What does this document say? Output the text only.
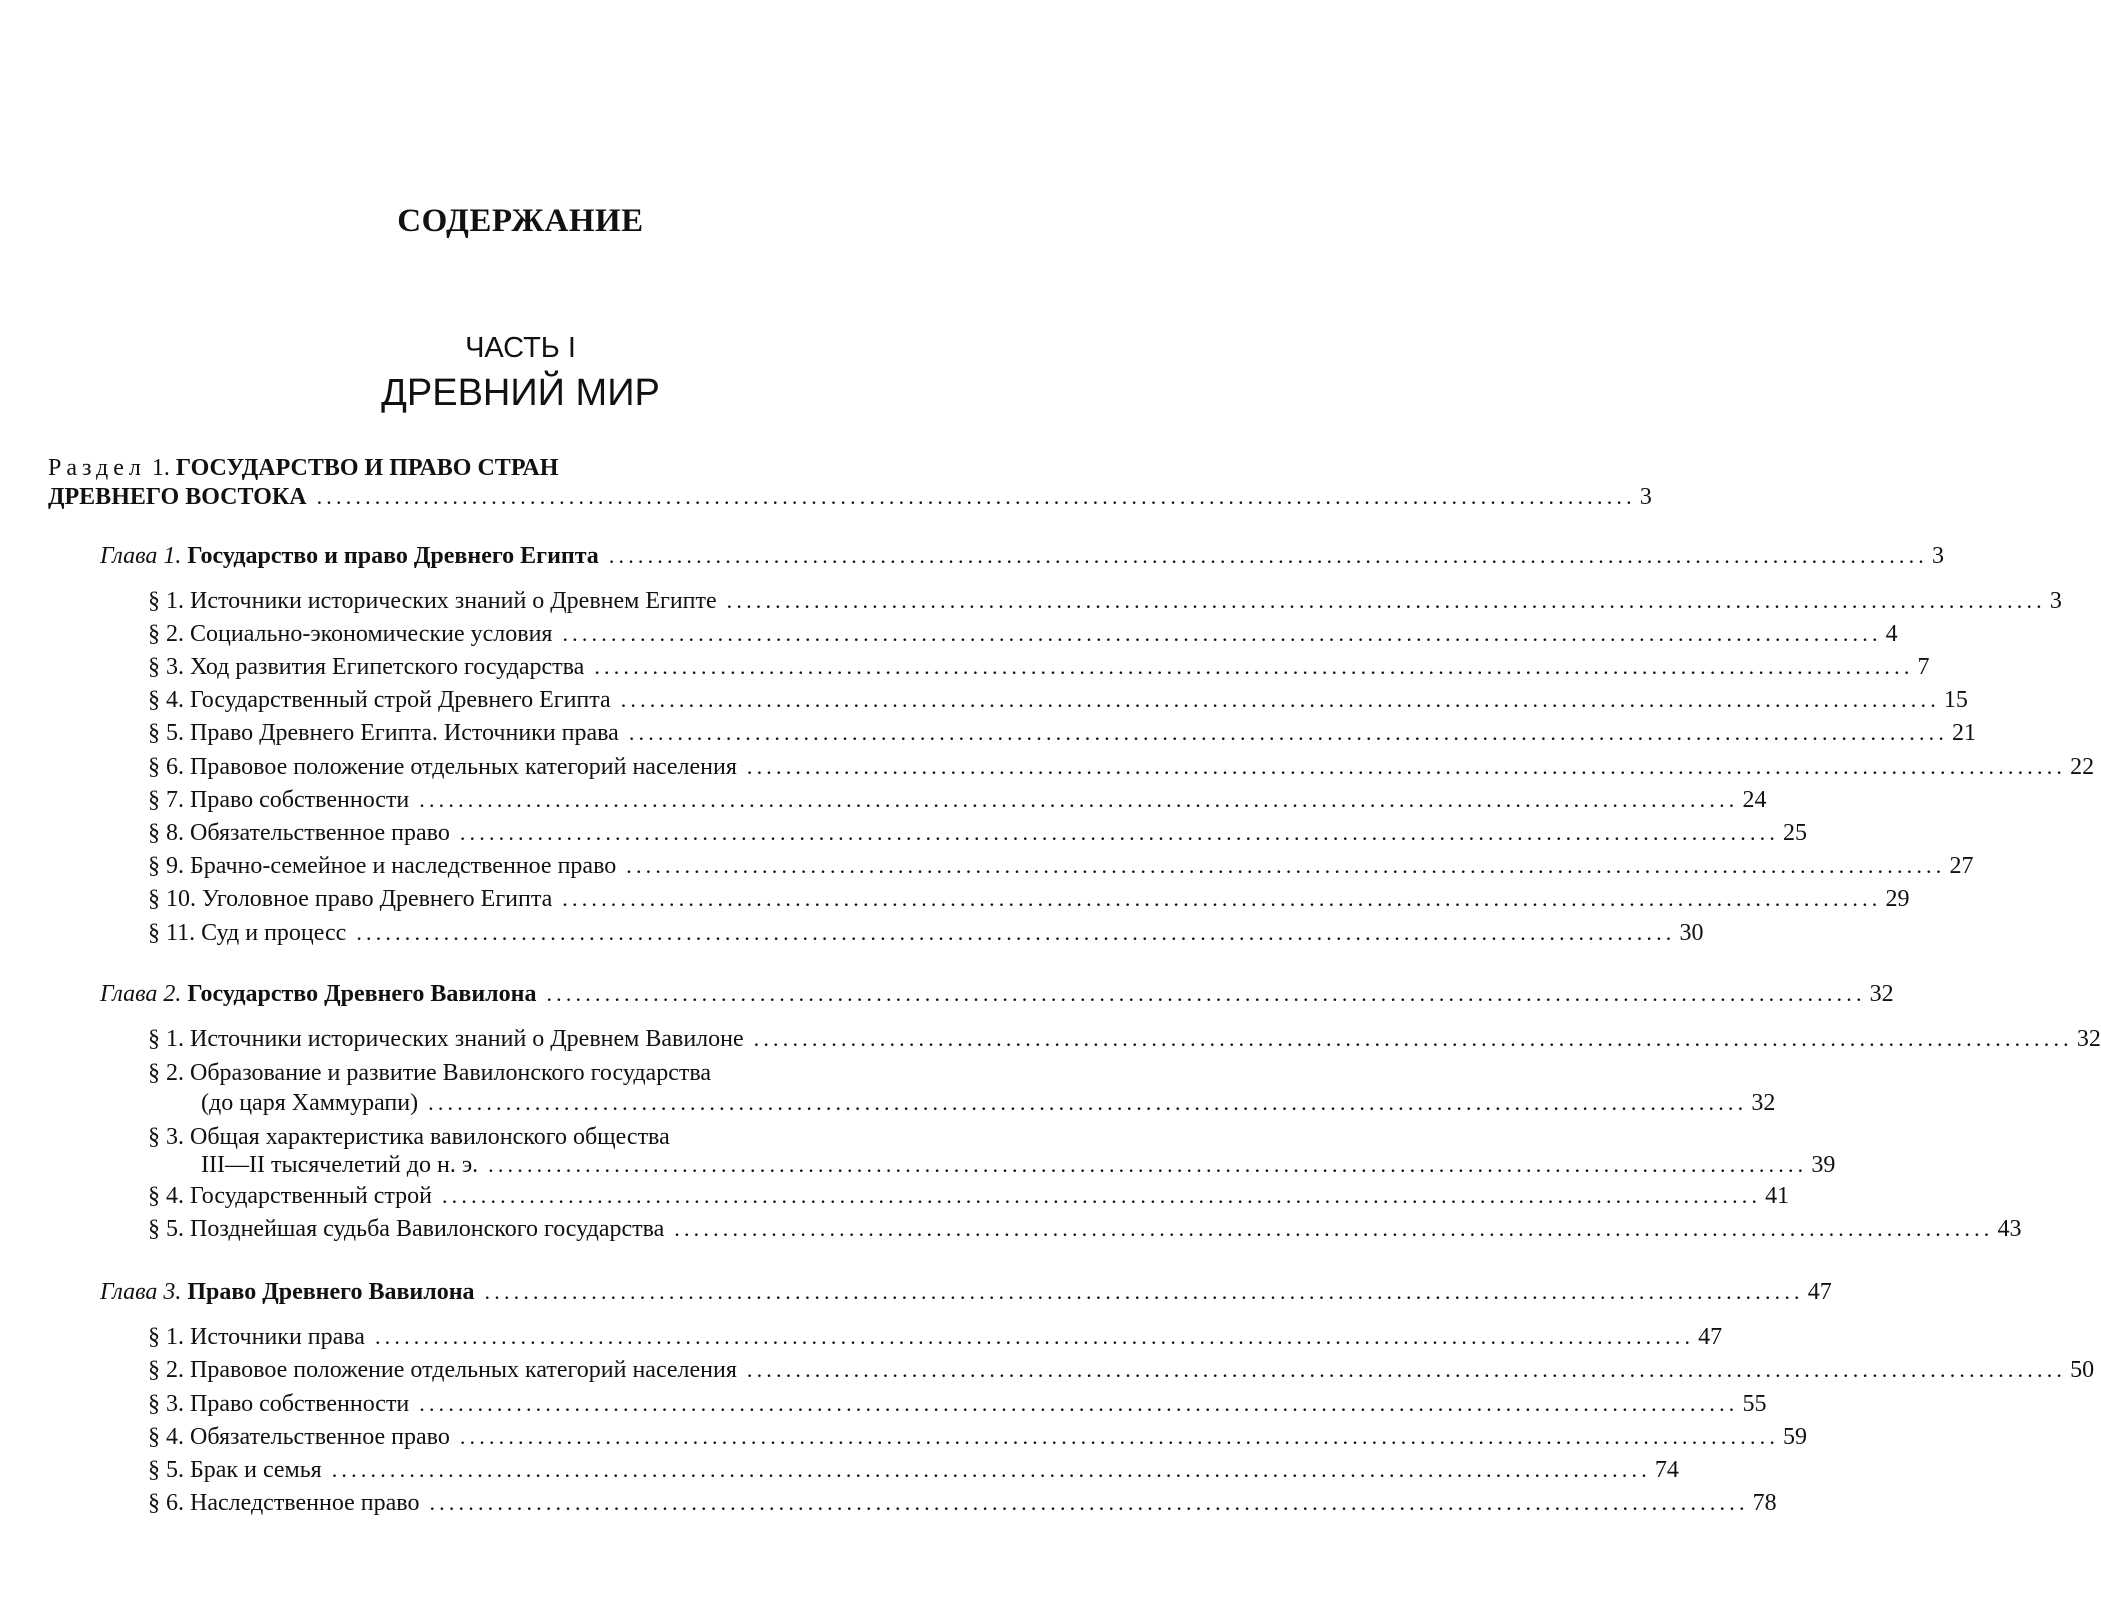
СОДЕРЖАНИЕ
ЧАСТЬ I
ДРЕВНИЙ МИР
Раздел 1. ГОСУДАРСТВО И ПРАВО СТРАН
ДРЕВНЕГО ВОСТОКА ........................................................................................................................................ 3
Глава 1. Государство и право Древнего Египта ........................................................................................................................................ 3
§ 1. Источники исторических знаний о Древнем Египте ........................................................................................................................................ 3
§ 2. Социально-экономические условия ........................................................................................................................................ 4
§ 3. Ход развития Египетского государства ........................................................................................................................................ 7
§ 4. Государственный строй Древнего Египта ........................................................................................................................................ 15
§ 5. Право Древнего Египта. Источники права ........................................................................................................................................ 21
§ 6. Правовое положение отдельных категорий населения ........................................................................................................................................ 22
§ 7. Право собственности ........................................................................................................................................ 24
§ 8. Обязательственное право ........................................................................................................................................ 25
§ 9. Брачно-семейное и наследственное право ........................................................................................................................................ 27
§ 10. Уголовное право Древнего Египта ........................................................................................................................................ 29
§ 11. Суд и процесс ........................................................................................................................................ 30
Глава 2. Государство Древнего Вавилона ........................................................................................................................................ 32
§ 1. Источники исторических знаний о Древнем Вавилоне ........................................................................................................................................ 32
§ 2. Образование и развитие Вавилонского государства
(до царя Хаммурапи) ........................................................................................................................................ 32
§ 3. Общая характеристика вавилонского общества
III—II тысячелетий до н. э. ........................................................................................................................................ 39
§ 4. Государственный строй ........................................................................................................................................ 41
§ 5. Позднейшая судьба Вавилонского государства ........................................................................................................................................ 43
Глава 3. Право Древнего Вавилона ........................................................................................................................................ 47
§ 1. Источники права ........................................................................................................................................ 47
§ 2. Правовое положение отдельных категорий населения ........................................................................................................................................ 50
§ 3. Право собственности ........................................................................................................................................ 55
§ 4. Обязательственное право ........................................................................................................................................ 59
§ 5. Брак и семья ........................................................................................................................................ 74
§ 6. Наследственное право ........................................................................................................................................ 78
